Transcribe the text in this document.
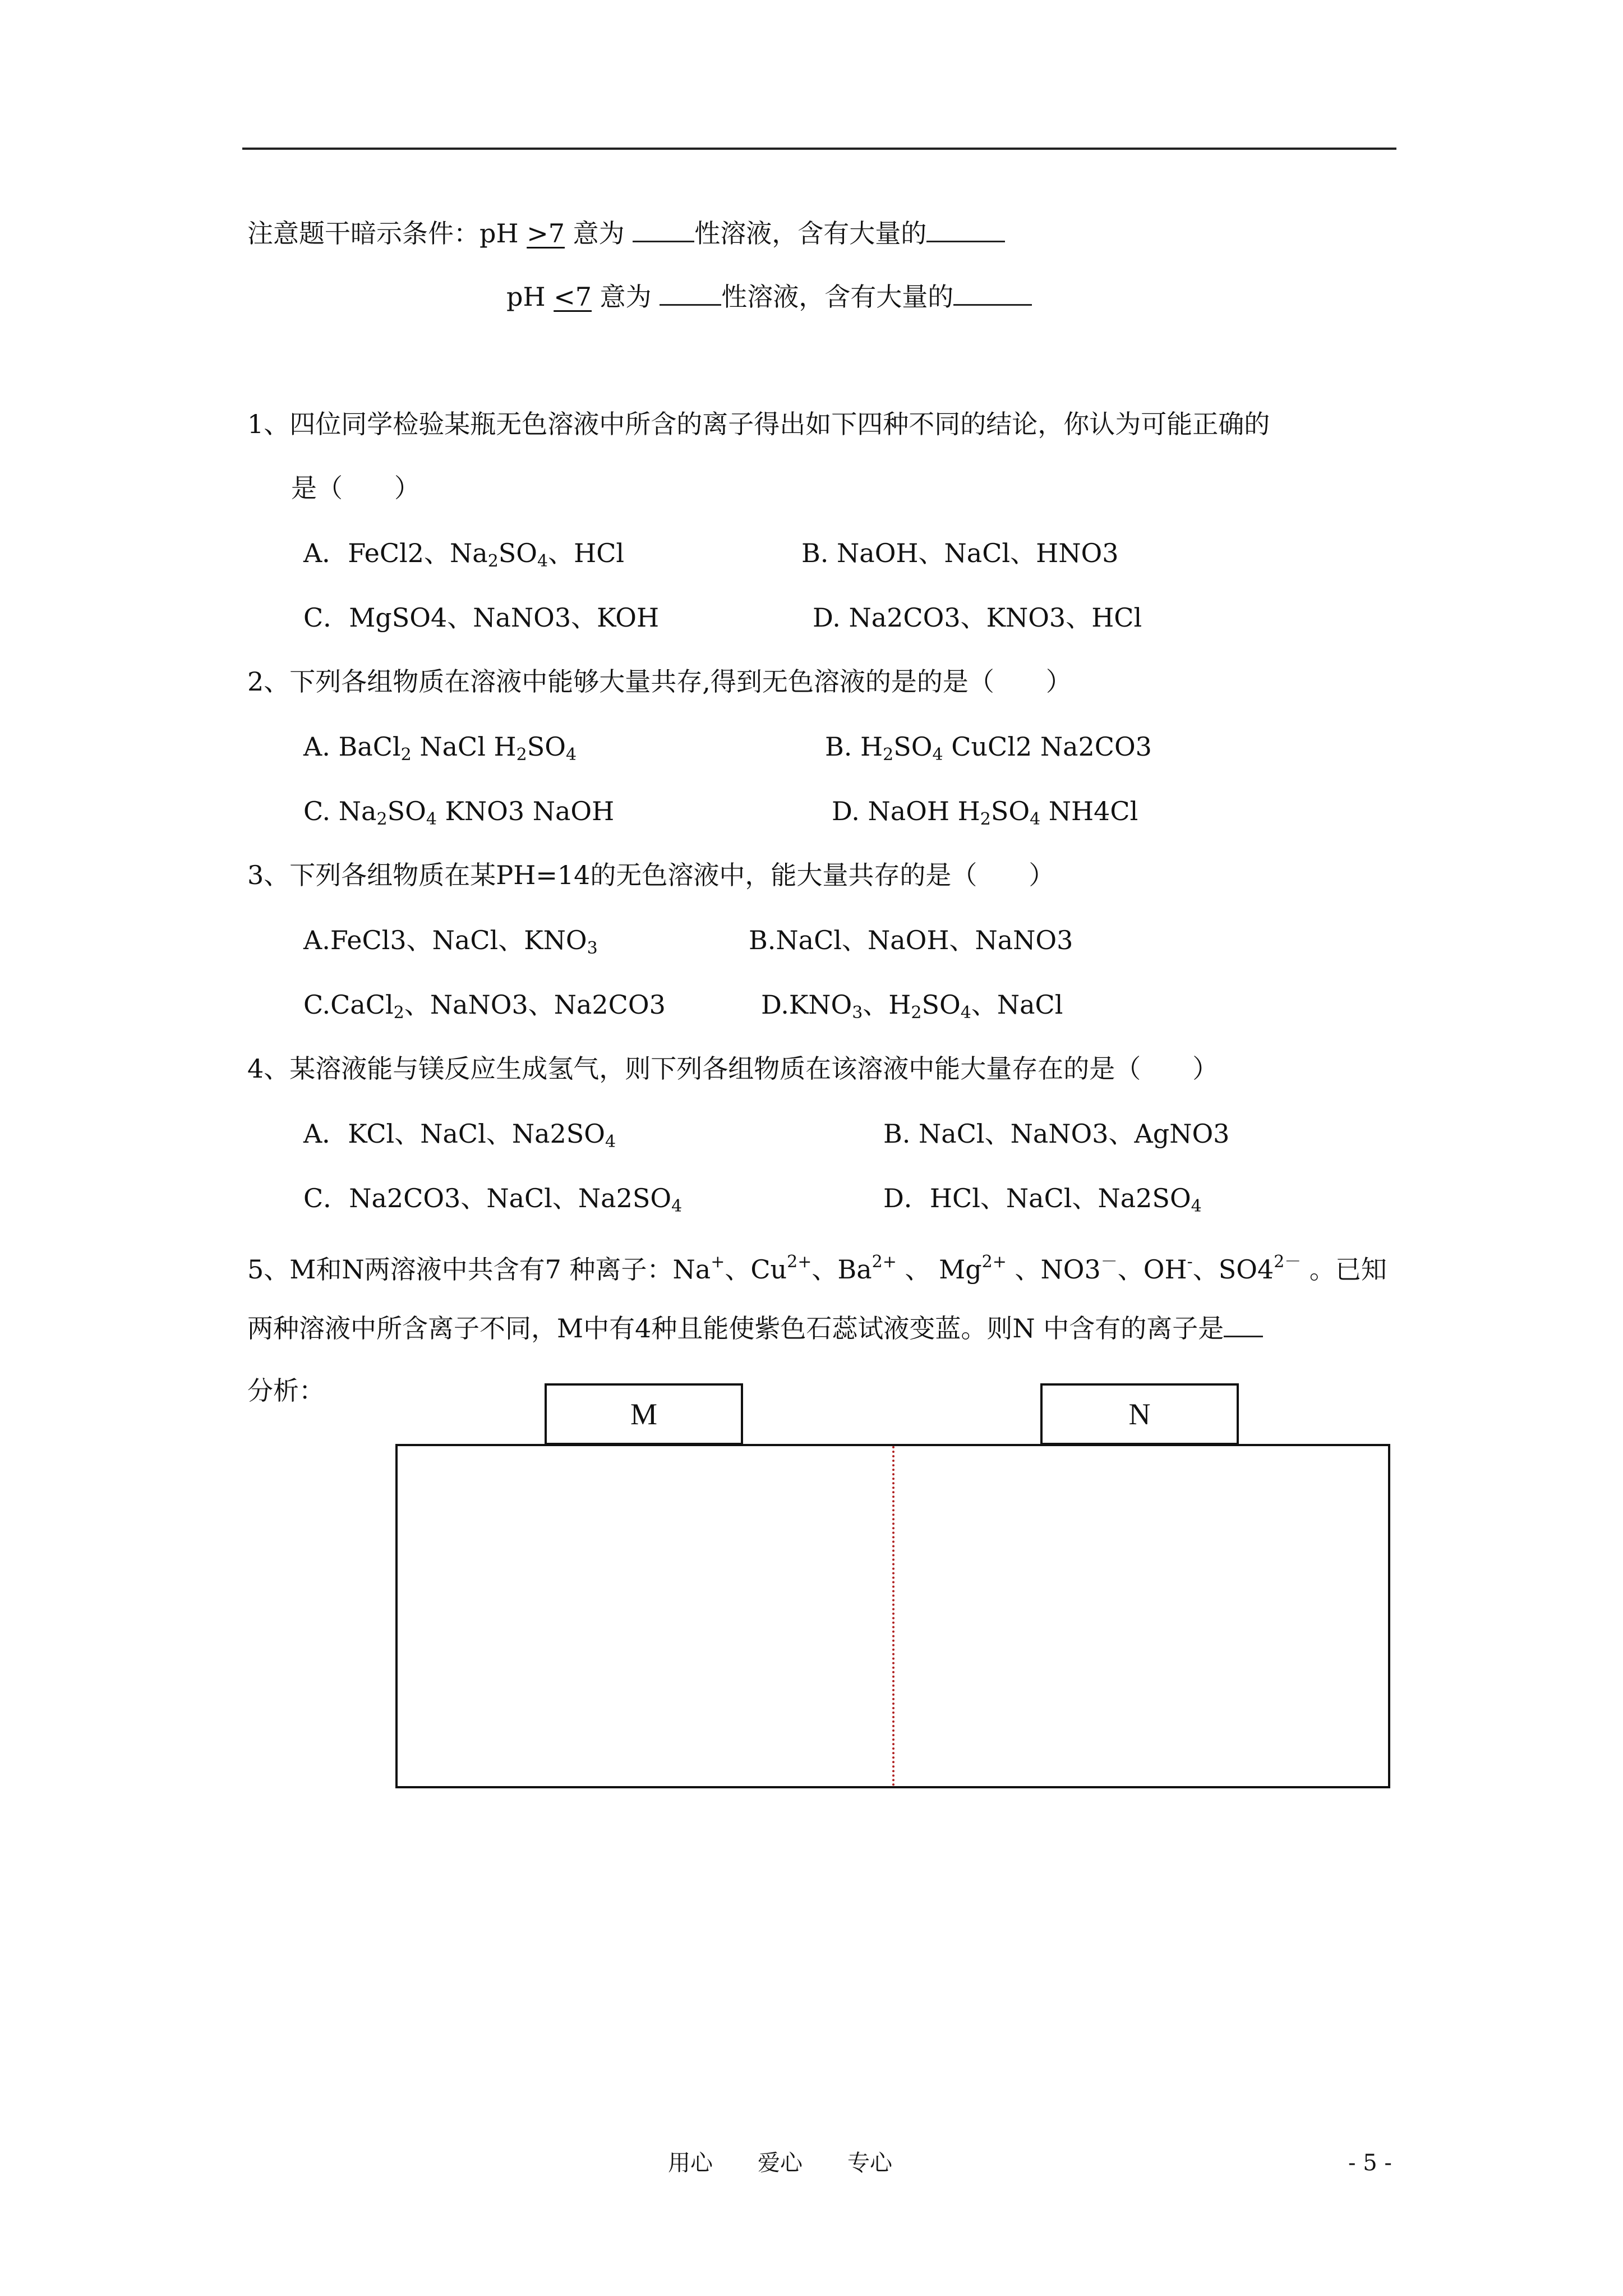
注意题干暗示条件：pH >7 意为 性溶液，含有大量的
pH <7 意为 性溶液，含有大量的
1、四位同学检验某瓶无色溶液中所含的离子得出如下四种不同的结论，你认为可能正确的
是（　　）
A．FeCl2、$Na_2SO_4$、HCl	B. NaOH、NaCl、HNO3
C．MgSO4、NaNO3、KOH	D. Na2CO3、KNO3、HCl
2、下列各组物质在溶液中能够大量共存,得到无色溶液的是的是（　　）
A. BaCl$_2$ NaCl $H_2SO_4$	B. $H_2SO_4$ CuCl2 Na2CO3
C. $Na_2SO_4$ KNO3 NaOH	D. NaOH $H_2SO_4$ NH4Cl
3、下列各组物质在某PH=14的无色溶液中，能大量共存的是（　　）
A.FeCl3、NaCl、$KNO_3$	B.NaCl、NaOH、NaNO3
C.CaCl$_2$、NaNO3、Na2CO3	$D.KNO_3$、$H_2SO_4$、NaCl
4、某溶液能与镁反应生成氢气，则下列各组物质在该溶液中能大量存在的是（　　）
A．KCl、NaCl、$Na2SO_4$	B. NaCl、NaNO3、AgNO3
C．Na2CO3、NaCl、$Na2SO_4$	D．HCl、NaCl、$Na2SO_4$
5、M和N两溶液中共含有7 种离子：Na+、$Cu^{2+}$、$Ba^{2+}$ 、 $Mg^{2+}$ 、NO3－、OH-、$SO4^{2-}$ 。已知
两种溶液中所含离子不同，M中有4种且能使紫色石蕊试液变蓝。则N 中含有的离子是
分析：
M	N
用心　　爱心　　专心	- 5 -
